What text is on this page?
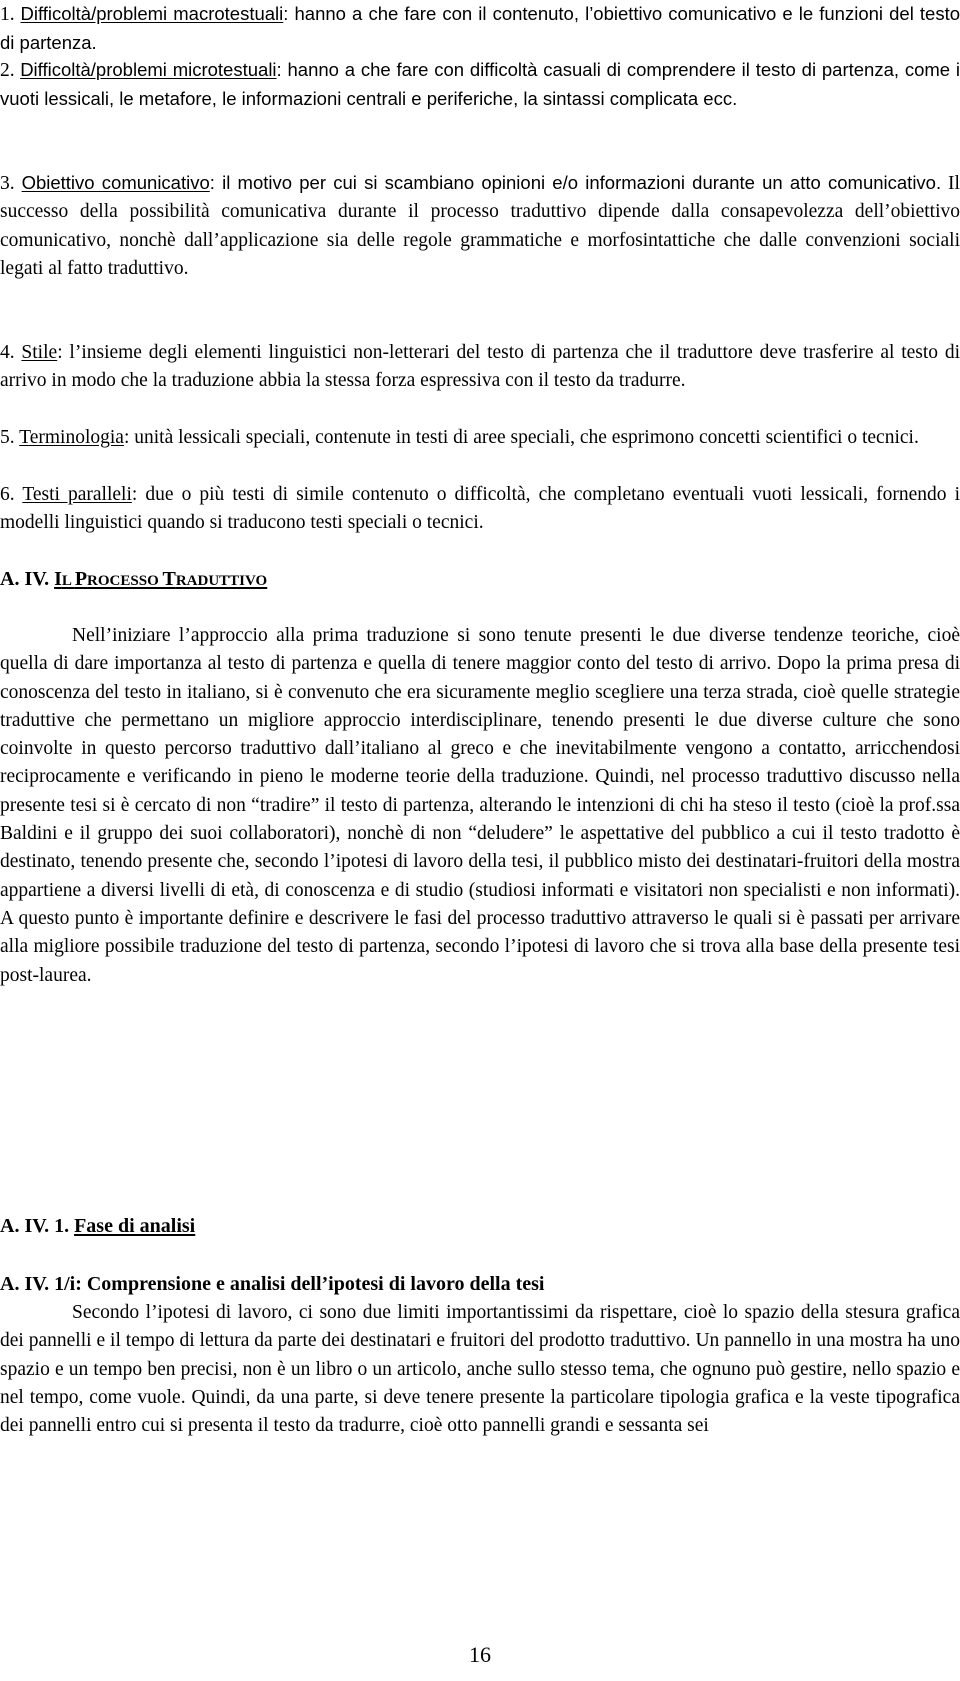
1. Difficoltà/problemi macrotestuali: hanno a che fare con il contenuto, l’obiettivo comunicativo e le funzioni del testo di partenza.
2. Difficoltà/problemi microtestuali: hanno a che fare con difficoltà casuali di comprendere il testo di partenza, come i vuoti lessicali, le metafore, le informazioni centrali e periferiche, la sintassi complicata ecc.
3. Obiettivo comunicativo: il motivo per cui si scambiano opinioni e/o informazioni durante un atto comunicativo. Il successo della possibilità comunicativa durante il processo traduttivo dipende dalla consapevolezza dell’obiettivo comunicativo, nonchè dall’applicazione sia delle regole grammatiche e morfosintattiche che dalle convenzioni sociali legati al fatto traduttivo.
4. Stile: l’insieme degli elementi linguistici non-letterari del testo di partenza che il traduttore deve trasferire al testo di arrivo in modo che la traduzione abbia la stessa forza espressiva con il testo da tradurre.
5. Terminologia: unità lessicali speciali, contenute in testi di aree speciali, che esprimono concetti scientifici o tecnici.
6. Testi paralleli: due o più testi di simile contenuto o difficoltà, che completano eventuali vuoti lessicali, fornendo i modelli linguistici quando si traducono testi speciali o tecnici.
A. IV. IL PROCESSO TRADUTTIVO
Nell’iniziare l’approccio alla prima traduzione si sono tenute presenti le due diverse tendenze teoriche, cioè quella di dare importanza al testo di partenza e quella di tenere maggior conto del testo di arrivo. Dopo la prima presa di conoscenza del testo in italiano, si è convenuto che era sicuramente meglio scegliere una terza strada, cioè quelle strategie traduttive che permettano un migliore approccio interdisciplinare, tenendo presenti le due diverse culture che sono coinvolte in questo percorso traduttivo dall’italiano al greco e che inevitabilmente vengono a contatto, arricchendosi reciprocamente e verificando in pieno le moderne teorie della traduzione. Quindi, nel processo traduttivo discusso nella presente tesi si è cercato di non “tradire” il testo di partenza, alterando le intenzioni di chi ha steso il testo (cioè la prof.ssa Baldini e il gruppo dei suoi collaboratori), nonchè di non “deludere” le aspettative del pubblico a cui il testo tradotto è destinato, tenendo presente che, secondo l’ipotesi di lavoro della tesi, il pubblico misto dei destinatari-fruitori della mostra appartiene a diversi livelli di età, di conoscenza e di studio (studiosi informati e visitatori non specialisti e non informati). A questo punto è importante definire e descrivere le fasi del processo traduttivo attraverso le quali si è passati per arrivare alla migliore possibile traduzione del testo di partenza, secondo l’ipotesi di lavoro che si trova alla base della presente tesi post-laurea.
A. IV. 1. Fase di analisi
A. IV. 1/i: Comprensione e analisi dell’ipotesi di lavoro della tesi
Secondo l’ipotesi di lavoro, ci sono due limiti importantissimi da rispettare, cioè lo spazio della stesura grafica dei pannelli e il tempo di lettura da parte dei destinatari e fruitori del prodotto traduttivo. Un pannello in una mostra ha uno spazio e un tempo ben precisi, non è un libro o un articolo, anche sullo stesso tema, che ognuno può gestire, nello spazio e nel tempo, come vuole. Quindi, da una parte, si deve tenere presente la particolare tipologia grafica e la veste tipografica dei pannelli entro cui si presenta il testo da tradurre, cioè otto pannelli grandi e sessanta sei
16
